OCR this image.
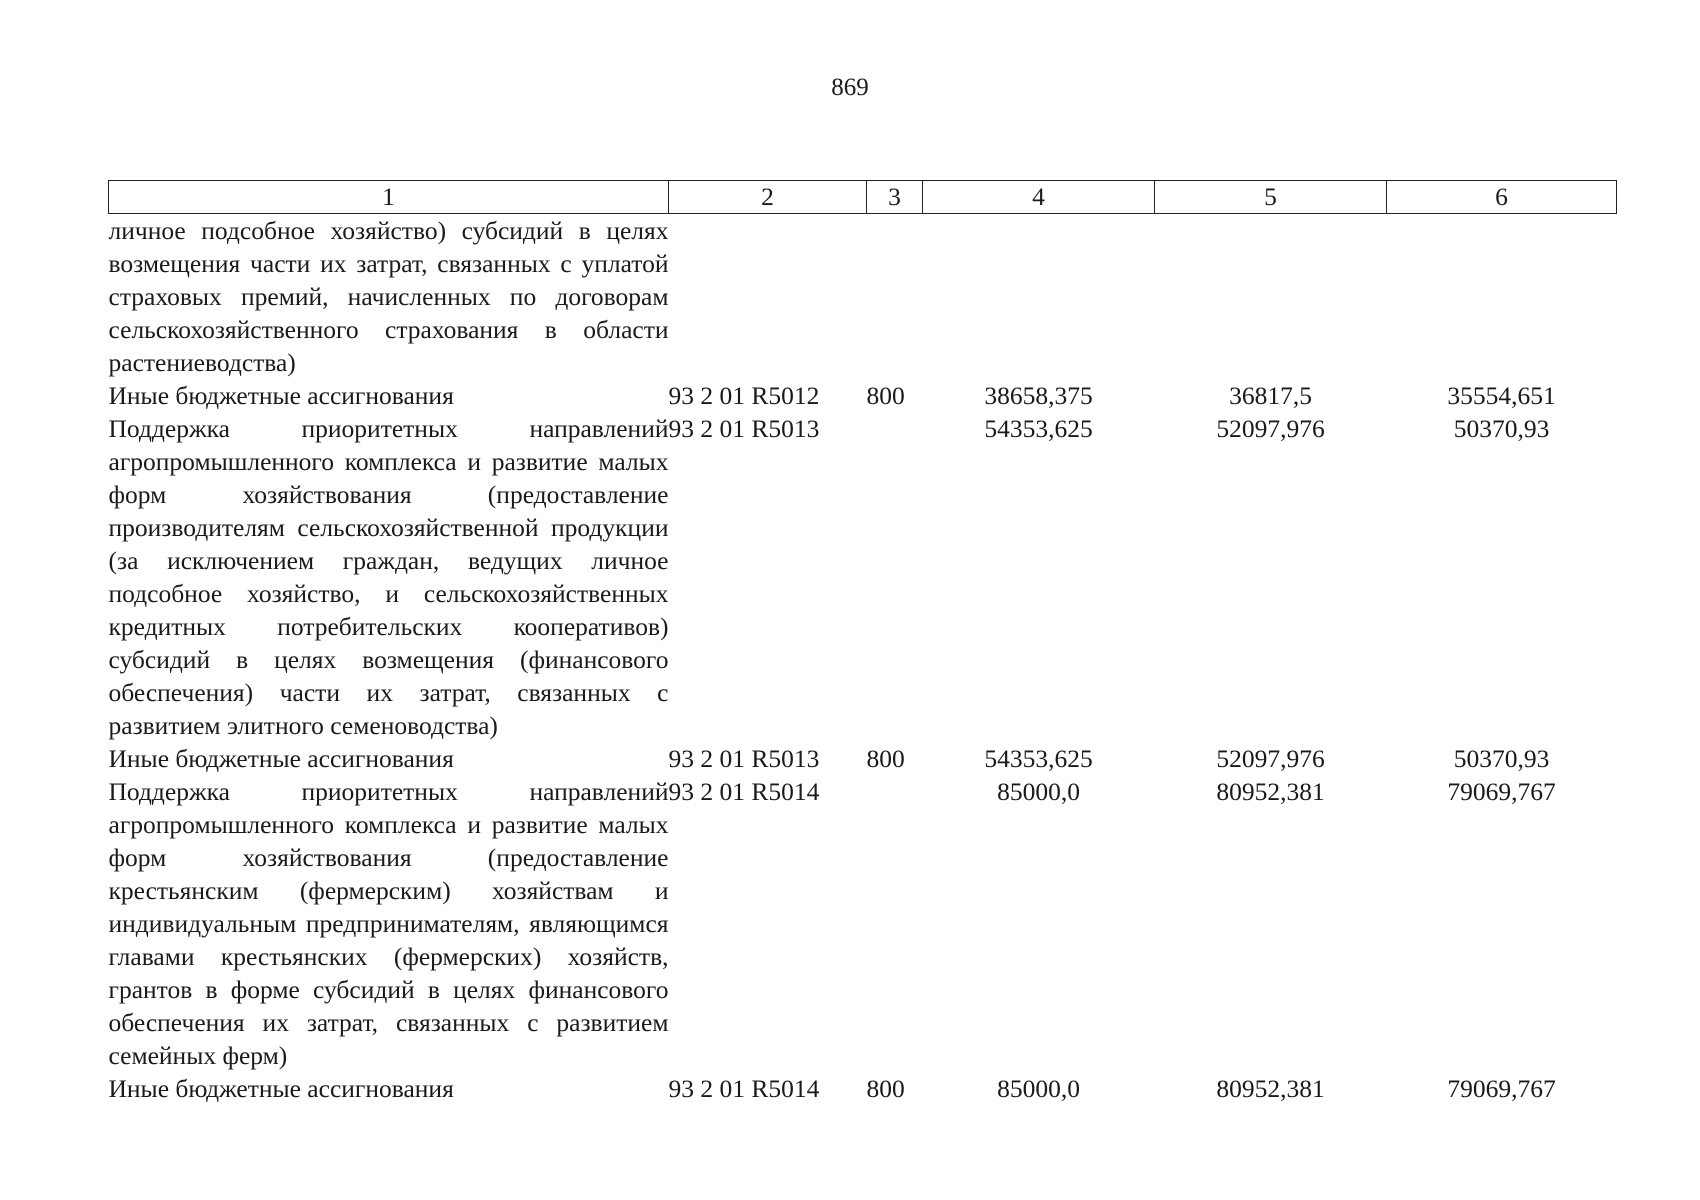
869
1	2	3	4	5	6
личное подсобное хозяйство) субсидий в целях возмещения части их затрат, связанных с уплатой страховых премий, начисленных по договорам сельскохозяйственного страхования в области растениеводства)					
Иные бюджетные ассигнования	93 2 01 R5012	800	38658,375	36817,5	35554,651
Поддержка приоритетных направлений агропромышленного комплекса и развитие малых форм хозяйствования (предоставление производителям сельскохозяйственной продукции (за исключением граждан, ведущих личное подсобное хозяйство, и сельскохозяйственных кредитных потребительских кооперативов) субсидий в целях возмещения (финансового обеспечения) части их затрат, связанных с развитием элитного семеноводства)	93 2 01 R5013		54353,625	52097,976	50370,93
Иные бюджетные ассигнования	93 2 01 R5013	800	54353,625	52097,976	50370,93
Поддержка приоритетных направлений агропромышленного комплекса и развитие малых форм хозяйствования (предоставление крестьянским (фермерским) хозяйствам и индивидуальным предпринимателям, являющимся главами крестьянских (фермерских) хозяйств, грантов в форме субсидий в целях финансового обеспечения их затрат, связанных с развитием семейных ферм)	93 2 01 R5014		85000,0	80952,381	79069,767
Иные бюджетные ассигнования	93 2 01 R5014	800	85000,0	80952,381	79069,767
